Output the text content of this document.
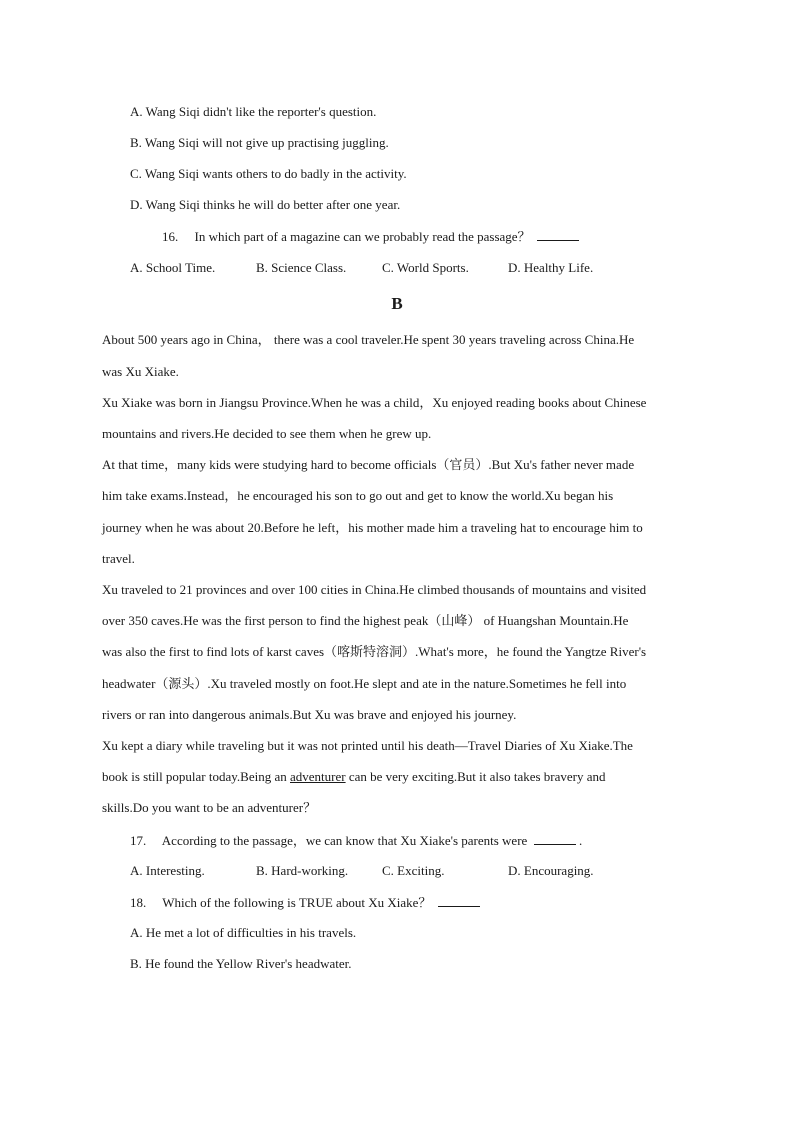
A. Wang Siqi didn't like the reporter's question.
B. Wang Siqi will not give up practising juggling.
C. Wang Siqi wants others to do badly in the activity.
D. Wang Siqi thinks he will do better after one year.
16. In which part of a magazine can we probably read the passage？
A. School Time.	B. Science Class.	C. World Sports.	D. Healthy Life.
B
About 500 years ago in China， there was a cool traveler.He spent 30 years traveling across China.He
was Xu Xiake.
Xu Xiake was born in Jiangsu Province.When he was a child，Xu enjoyed reading books about Chinese
mountains and rivers.He decided to see them when he grew up.
At that time，many kids were studying hard to become officials（官员）.But Xu's father never made
him take exams.Instead，he encouraged his son to go out and get to know the world.Xu began his
journey when he was about 20.Before he left，his mother made him a traveling hat to encourage him to
travel.
Xu traveled to 21 provinces and over 100 cities in China.He climbed thousands of mountains and visited
over 350 caves.He was the first person to find the highest peak（山峰） of Huangshan Mountain.He
was also the first to find lots of karst caves（喀斯特溶洞）.What's more，he found the Yangtze River's
headwater（源头）.Xu traveled mostly on foot.He slept and ate in the nature.Sometimes he fell into
rivers or ran into dangerous animals.But Xu was brave and enjoyed his journey.
Xu kept a diary while traveling but it was not printed until his death—Travel Diaries of Xu Xiake.The
book is still popular today.Being an adventurer can be very exciting.But it also takes bravery and
skills.Do you want to be an adventurer？
17. According to the passage，we can know that Xu Xiake's parents were	.
A. Interesting.	B. Hard-working.	C. Exciting.	D. Encouraging.
18. Which of the following is TRUE about Xu Xiake？
A. He met a lot of difficulties in his travels.
B. He found the Yellow River's headwater.
